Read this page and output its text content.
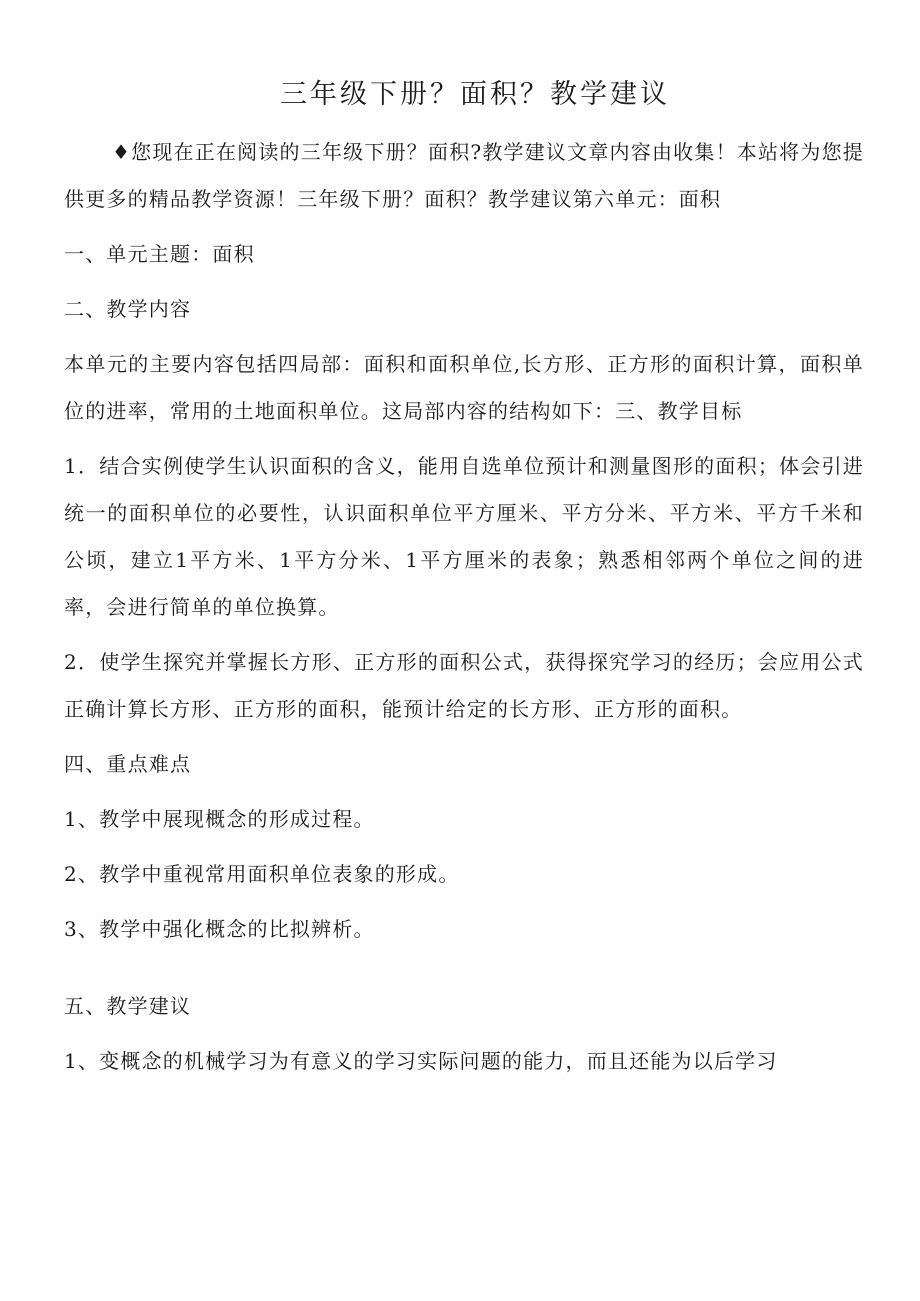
三年级下册？面积？教学建议

♦您现在正在阅读的三年级下册？面积?教学建议文章内容由收集！本站将为您提供更多的精品教学资源！三年级下册？面积？教学建议第六单元：面积

一、单元主题：面积

二、教学内容

本单元的主要内容包括四局部：面积和面积单位,长方形、正方形的面积计算，面积单位的进率，常用的土地面积单位。这局部内容的结构如下：三、教学目标

1．结合实例使学生认识面积的含义，能用自选单位预计和测量图形的面积；体会引进统一的面积单位的必要性，认识面积单位平方厘米、平方分米、平方米、平方千米和公顷，建立1平方米、1平方分米、1平方厘米的表象；熟悉相邻两个单位之间的进率，会进行简单的单位换算。

2．使学生探究并掌握长方形、正方形的面积公式，获得探究学习的经历；会应用公式正确计算长方形、正方形的面积，能预计给定的长方形、正方形的面积。

四、重点难点

1、教学中展现概念的形成过程。

2、教学中重视常用面积单位表象的形成。

3、教学中强化概念的比拟辨析。

五、教学建议

1、变概念的机械学习为有意义的学习实际问题的能力，而且还能为以后学习
